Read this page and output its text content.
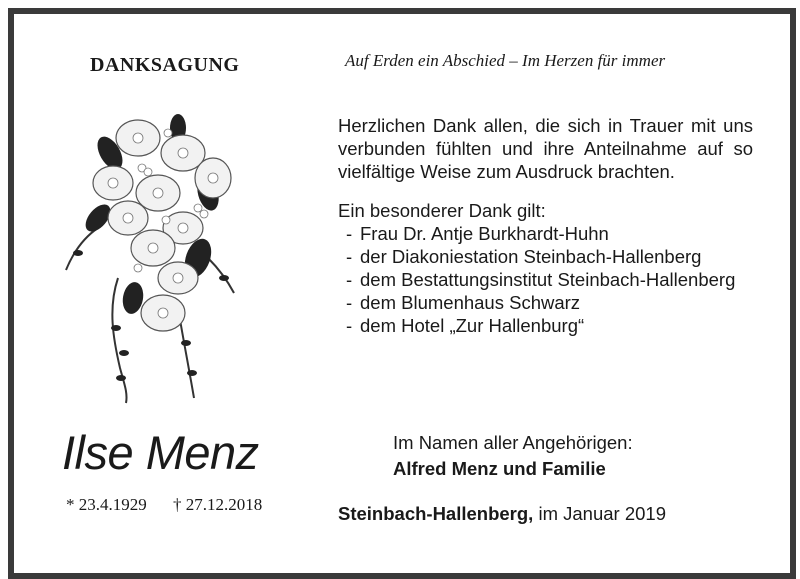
DANKSAGUNG	Auf Erden ein Abschied – Im Herzen für immer
Ilse Menz
* 23.4.1929 † 27.12.2018
Herzlichen Dank allen, die sich in Trauer mit uns verbunden fühlten und ihre Anteilnahme auf so vielfältige Weise zum Ausdruck brachten.
Ein besonderer Dank gilt:
- Frau Dr. Antje Burkhardt-Huhn
- der Diakoniestation Steinbach-Hallenberg
- dem Bestattungsinstitut Steinbach-Hallenberg
- dem Blumenhaus Schwarz
- dem Hotel „Zur Hallenburg“
Im Namen aller Angehörigen:
Alfred Menz und Familie
Steinbach-Hallenberg, im Januar 2019
